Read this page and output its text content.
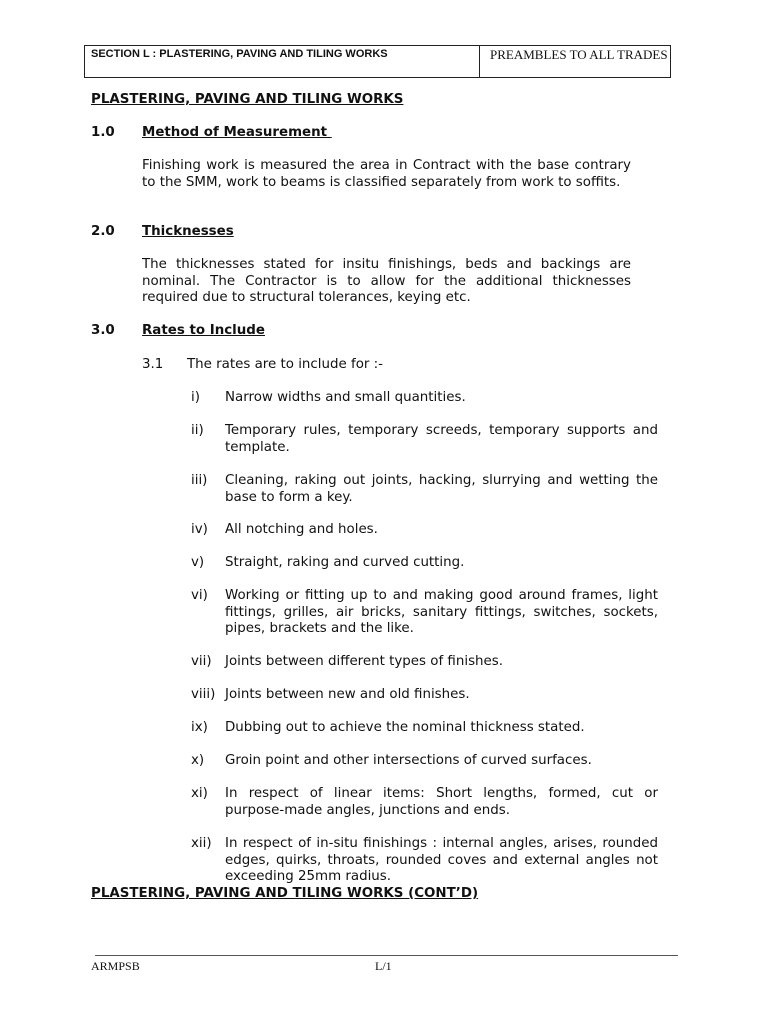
SECTION L : PLASTERING, PAVING AND TILING WORKS	PREAMBLES TO ALL TRADES
PLASTERING, PAVING AND TILING WORKS
1.0 Method of Measurement

Finishing work is measured the area in Contract with the base contrary to the SMM, work to beams is classified separately from work to soffits.

2.0 Thicknesses

The thicknesses stated for insitu finishings, beds and backings are nominal. The Contractor is to allow for the additional thicknesses required due to structural tolerances, keying etc.

3.0 Rates to Include
3.1 The rates are to include for :-
i) Narrow widths and small quantities.

ii) Temporary rules, temporary screeds, temporary supports and template.

iii) Cleaning, raking out joints, hacking, slurrying and wetting the base to form a key.

iv) All notching and holes.

v) Straight, raking and curved cutting.

vi) Working or fitting up to and making good around frames, light fittings, grilles, air bricks, sanitary fittings, switches, sockets, pipes, brackets and the like.

vii) Joints between different types of finishes.

viii) Joints between new and old finishes.

ix) Dubbing out to achieve the nominal thickness stated.

x) Groin point and other intersections of curved surfaces.

xi) In respect of linear items: Short lengths, formed, cut or purpose-made angles, junctions and ends.

xii) In respect of in-situ finishings : internal angles, arises, rounded edges, quirks, throats, rounded coves and external angles not exceeding 25mm radius.

PLASTERING, PAVING AND TILING WORKS (CONT’D)
ARMPSB	L/1
